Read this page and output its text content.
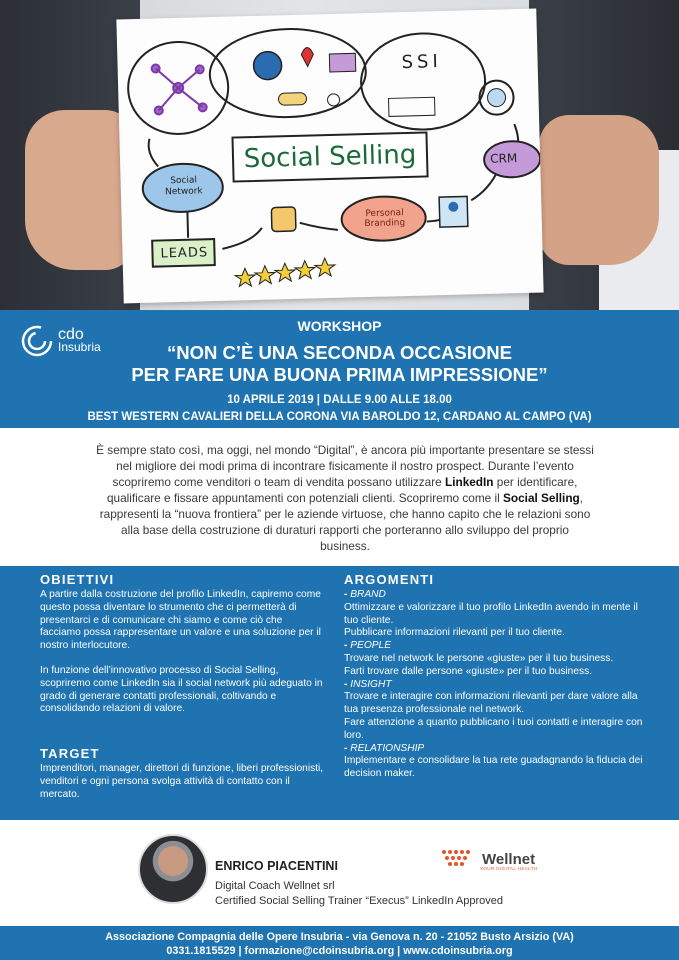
Social Selling
SSI
CRM
Social Network
LEADS
Personal Branding
cdo
Insubria
WORKSHOP
“NON C’È UNA SECONDA OCCASIONE
PER FARE UNA BUONA PRIMA IMPRESSIONE”
10 APRILE 2019 | DALLE 9.00 ALLE 18.00
BEST WESTERN CAVALIERI DELLA CORONA VIA BAROLDO 12, CARDANO AL CAMPO (VA)
È sempre stato così, ma oggi, nel mondo “Digital”, è ancora più importante presentare se stessi nel migliore dei modi prima di incontrare fisicamente il nostro prospect. Durante l’evento scopriremo come venditori o team di vendita possano utilizzare LinkedIn per identificare, qualificare e fissare appuntamenti con potenziali clienti. Scopriremo come il Social Selling, rappresenti la “nuova frontiera” per le aziende virtuose, che hanno capito che le relazioni sono alla base della costruzione di duraturi rapporti che porteranno allo sviluppo del proprio business.
OBIETTIVI

A partire dalla costruzione del profilo LinkedIn, capiremo come questo possa diventare lo strumento che ci permetterà di presentarci e di comunicare chi siamo e come ciò che facciamo possa rappresentare un valore e una soluzione per il nostro interlocutore.

In funzione dell’innovativo processo di Social Selling, scopriremo come LinkedIn sia il social network più adeguato in grado di generare contatti professionali, coltivando e consolidando relazioni di valore.

TARGET

Imprenditori, manager, direttori di funzione, liberi professionisti, venditori e ogni persona svolga attività di contatto con il mercato.

ARGOMENTI
- BRAND

Ottimizzare e valorizzare il tuo profilo LinkedIn avendo in mente il tuo cliente.

Pubblicare informazioni rilevanti per il tuo cliente.

- PEOPLE

Trovare nel network le persone «giuste» per il tuo business.

Farti trovare dalle persone «giuste» per il tuo business.

- INSIGHT

Trovare e interagire con informazioni rilevanti per dare valore alla tua presenza professionale nel network.

Fare attenzione a quanto pubblicano i tuoi contatti e interagire con loro.

- RELATIONSHIP

Implementare e consolidare la tua rete guadagnando la fiducia dei decision maker.

ENRICO PIACENTINI
Digital Coach Wellnet srl
Certified Social Selling Trainer “Execus” LinkedIn Approved
Wellnet
YOUR DIGITAL HEALTH
Associazione Compagnia delle Opere Insubria - via Genova n. 20 - 21052 Busto Arsizio (VA)
0331.1815529 | formazione@cdoinsubria.org | www.cdoinsubria.org
